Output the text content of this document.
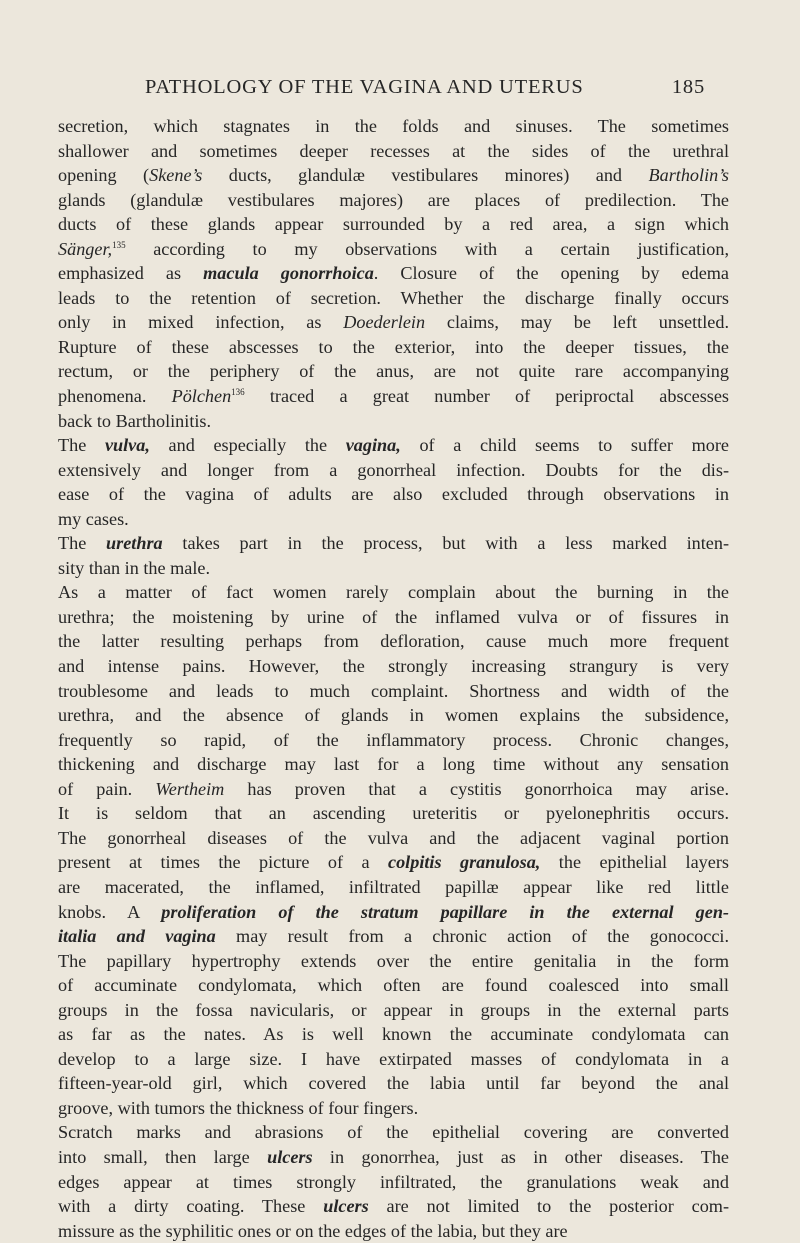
PATHOLOGY OF THE VAGINA AND UTERUS	185
secretion, which stagnates in the folds and sinuses. The sometimes
shallower and sometimes deeper recesses at the sides of the urethral
opening (Skene’s ducts, glandulæ vestibulares minores) and Bartholin’s
glands (glandulæ vestibulares majores) are places of predilection. The
ducts of these glands appear surrounded by a red area, a sign which
Sänger,$^{135}$ according to my observations with a certain justification,
emphasized as macula gonorrhoica. Closure of the opening by edema
leads to the retention of secretion. Whether the discharge finally occurs
only in mixed infection, as Doederlein claims, may be left unsettled.
Rupture of these abscesses to the exterior, into the deeper tissues, the
rectum, or the periphery of the anus, are not quite rare accompanying
phenomena. Pölchen$^{136}$ traced a great number of periproctal abscesses
back to Bartholinitis.
The vulva, and especially the vagina, of a child seems to suffer more
extensively and longer from a gonorrheal infection. Doubts for the dis-
ease of the vagina of adults are also excluded through observations in
my cases.
The urethra takes part in the process, but with a less marked inten-
sity than in the male.
As a matter of fact women rarely complain about the burning in the
urethra; the moistening by urine of the inflamed vulva or of fissures in
the latter resulting perhaps from defloration, cause much more frequent
and intense pains. However, the strongly increasing strangury is very
troublesome and leads to much complaint. Shortness and width of the
urethra, and the absence of glands in women explains the subsidence,
frequently so rapid, of the inflammatory process. Chronic changes,
thickening and discharge may last for a long time without any sensation
of pain. Wertheim has proven that a cystitis gonorrhoica may arise.
It is seldom that an ascending ureteritis or pyelonephritis occurs.
The gonorrheal diseases of the vulva and the adjacent vaginal portion
present at times the picture of a colpitis granulosa, the epithelial layers
are macerated, the inflamed, infiltrated papillæ appear like red little
knobs. A proliferation of the stratum papillare in the external gen-
italia and vagina may result from a chronic action of the gonococci.
The papillary hypertrophy extends over the entire genitalia in the form
of accuminate condylomata, which often are found coalesced into small
groups in the fossa navicularis, or appear in groups in the external parts
as far as the nates. As is well known the accuminate condylomata can
develop to a large size. I have extirpated masses of condylomata in a
fifteen-year-old girl, which covered the labia until far beyond the anal
groove, with tumors the thickness of four fingers.
Scratch marks and abrasions of the epithelial covering are converted
into small, then large ulcers in gonorrhea, just as in other diseases. The
edges appear at times strongly infiltrated, the granulations weak and
with a dirty coating. These ulcers are not limited to the posterior com-
missure as the syphilitic ones or on the edges of the labia, but they are
